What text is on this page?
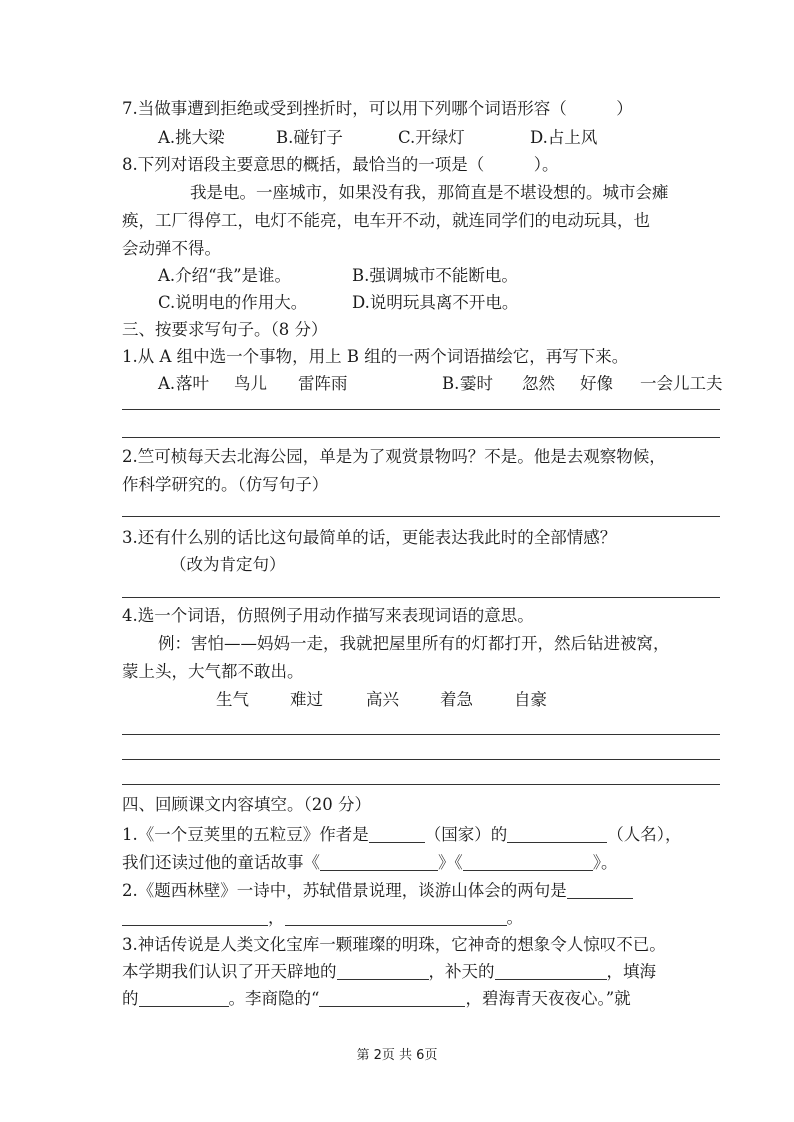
7.当做事遭到拒绝或受到挫折时，可以用下列哪个词语形容（　　　）
A.挑大梁	B.碰钉子	C.开绿灯	D.占上风
8.下列对语段主要意思的概括，最恰当的一项是（　　　）。
我是电。一座城市，如果没有我，那简直是不堪设想的。城市会瘫
痪，工厂得停工，电灯不能亮，电车开不动，就连同学们的电动玩具，也
会动弹不得。
A.介绍“我”是谁。	B.强调城市不能断电。
C.说明电的作用大。	D.说明玩具离不开电。
三、按要求写句子。（8 分）
1.从 A 组中选一个事物，用上 B 组的一两个词语描绘它，再写下来。
A. 落叶 鸟儿 雷阵雨	B. 霎时 忽然 好像 一会儿工夫
2.竺可桢每天去北海公园，单是为了观赏景物吗？不是。他是去观察物候，
作科学研究的。（仿写句子）
3.还有什么别的话比这句最简单的话，更能表达我此时的全部情感？
（改为肯定句）
4.选一个词语，仿照例子用动作描写来表现词语的意思。
例：害怕——妈妈一走，我就把屋里所有的灯都打开，然后钻进被窝，
蒙上头，大气都不敢出。
生气 难过	高兴 着急 自豪
四、回顾课文内容填空。（20 分）
1.《一个豆荚里的五粒豆》作者是	（国家）的	（人名），
我们还读过他的童话故事《	》《	》。
2.《题西林壁》一诗中，苏轼借景说理，谈游山体会的两句是
，	。
3.神话传说是人类文化宝库一颗璀璨的明珠，它神奇的想象令人惊叹不已。
本学期我们认识了开天辟地的	，补天的	，填海
的	。李商隐的“	，碧海青天夜夜心。”就
第 2页 共 6页
